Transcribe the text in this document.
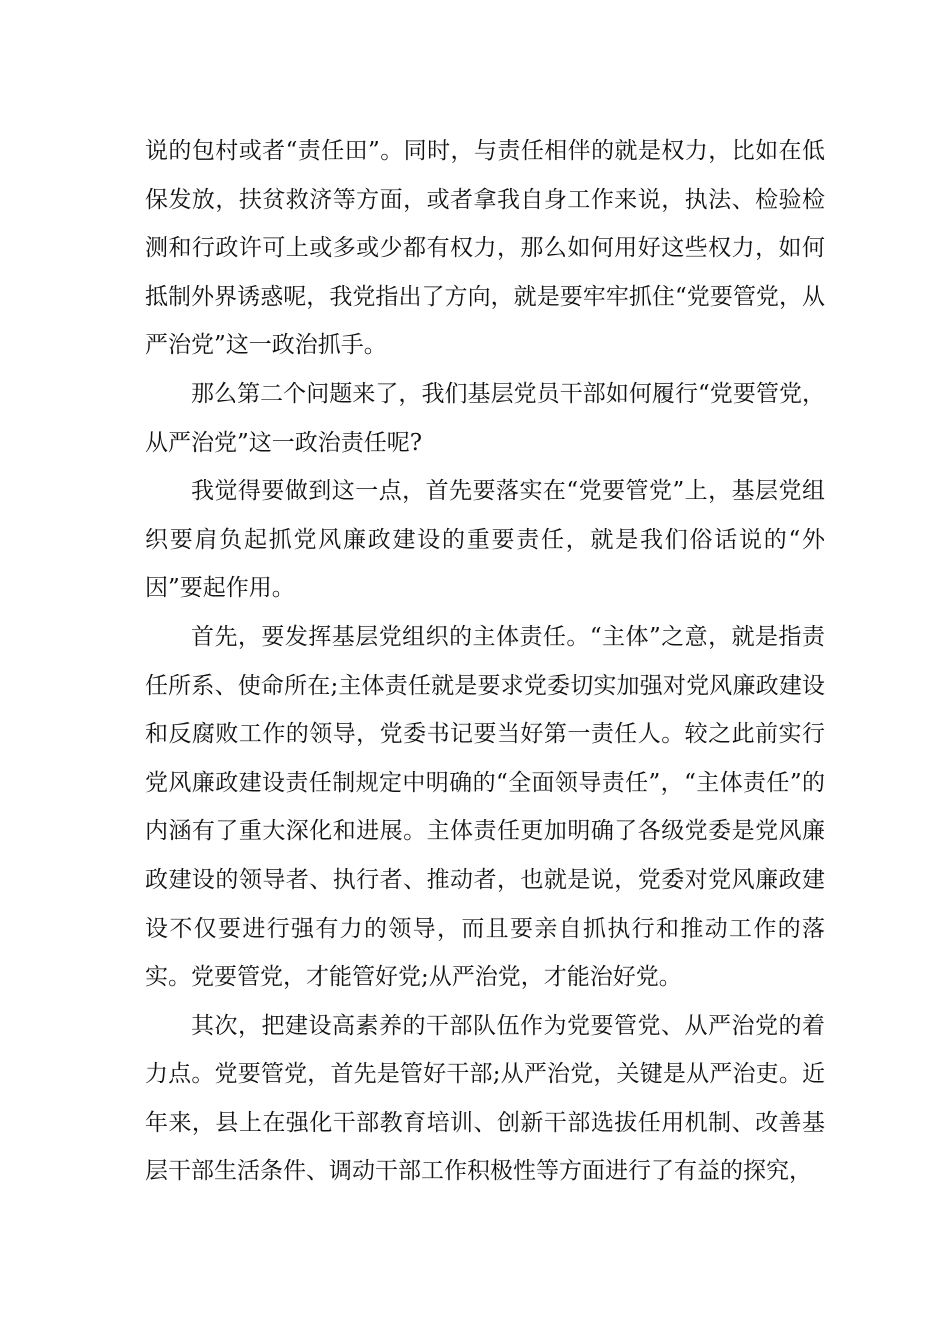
说的包村或者“责任田”。同时，与责任相伴的就是权力，比如在低保发放，扶贫救济等方面，或者拿我自身工作来说，执法、检验检测和行政许可上或多或少都有权力，那么如何用好这些权力，如何抵制外界诱惑呢，我党指出了方向，就是要牢牢抓住“党要管党，从严治党”这一政治抓手。

那么第二个问题来了，我们基层党员干部如何履行“党要管党，从严治党”这一政治责任呢?

我觉得要做到这一点，首先要落实在“党要管党”上，基层党组织要肩负起抓党风廉政建设的重要责任，就是我们俗话说的“外因”要起作用。

首先，要发挥基层党组织的主体责任。“主体”之意，就是指责任所系、使命所在;主体责任就是要求党委切实加强对党风廉政建设和反腐败工作的领导，党委书记要当好第一责任人。较之此前实行党风廉政建设责任制规定中明确的“全面领导责任”，“主体责任”的内涵有了重大深化和进展。主体责任更加明确了各级党委是党风廉政建设的领导者、执行者、推动者，也就是说，党委对党风廉政建设不仅要进行强有力的领导，而且要亲自抓执行和推动工作的落实。党要管党，才能管好党;从严治党，才能治好党。

其次，把建设高素养的干部队伍作为党要管党、从严治党的着力点。党要管党，首先是管好干部;从严治党，关键是从严治吏。近年来，县上在强化干部教育培训、创新干部选拔任用机制、改善基层干部生活条件、调动干部工作积极性等方面进行了有益的探究，
